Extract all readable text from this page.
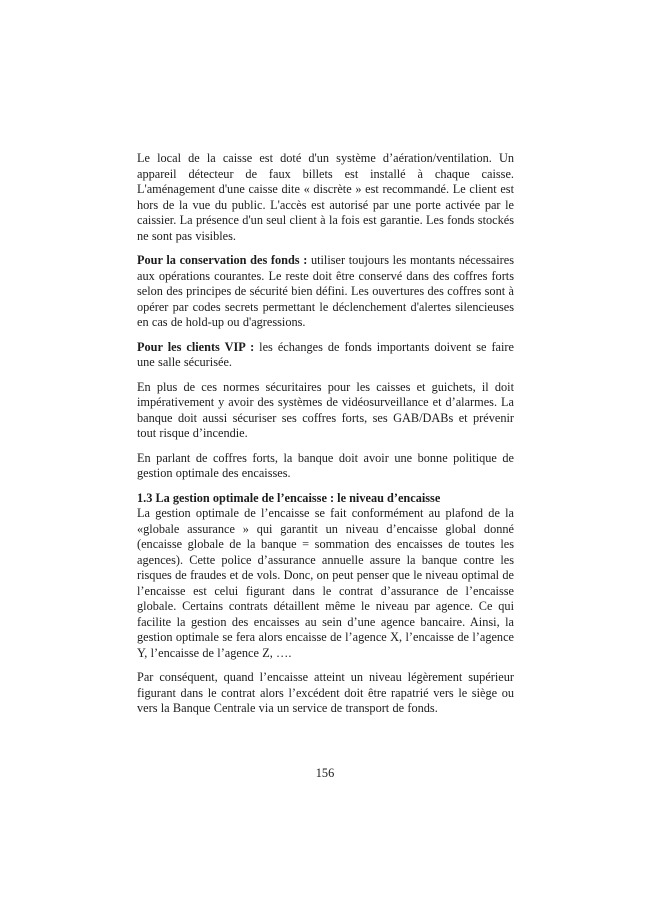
Le local de la caisse est doté d'un système d’aération/ventilation. Un appareil détecteur de faux billets est installé à chaque caisse. L'aménagement d'une caisse dite « discrète » est recommandé. Le client est hors de la vue du public. L'accès est autorisé par une porte activée par le caissier. La présence d'un seul client à la fois est garantie. Les fonds stockés ne sont pas visibles.

Pour la conservation des fonds : utiliser toujours les montants nécessaires aux opérations courantes. Le reste doit être conservé dans des coffres forts selon des principes de sécurité bien défini. Les ouvertures des coffres sont à opérer par codes secrets permettant le déclenchement d'alertes silencieuses en cas de hold-up ou d'agressions.

Pour les clients VIP : les échanges de fonds importants doivent se faire une salle sécurisée.

En plus de ces normes sécuritaires pour les caisses et guichets, il doit impérativement y avoir des systèmes de vidéosurveillance et d’alarmes. La banque doit aussi sécuriser ses coffres forts, ses GAB/DABs et prévenir tout risque d’incendie.

En parlant de coffres forts, la banque doit avoir une bonne politique de gestion optimale des encaisses.

1.3 La gestion optimale de l’encaisse : le niveau d’encaisse

La gestion optimale de l’encaisse se fait conformément au plafond de la «globale assurance » qui garantit un niveau d’encaisse global donné (encaisse globale de la banque = sommation des encaisses de toutes les agences). Cette police d’assurance annuelle assure la banque contre les risques de fraudes et de vols. Donc, on peut penser que le niveau optimal de l’encaisse est celui figurant dans le contrat d’assurance de l’encaisse globale. Certains contrats détaillent même le niveau par agence. Ce qui facilite la gestion des encaisses au sein d’une agence bancaire. Ainsi, la gestion optimale se fera alors encaisse de l’agence X, l’encaisse de l’agence Y, l’encaisse de l’agence Z, ….

Par conséquent, quand l’encaisse atteint un niveau légèrement supérieur figurant dans le contrat alors l’excédent doit être rapatrié vers le siège ou vers la Banque Centrale via un service de transport de fonds.

156
